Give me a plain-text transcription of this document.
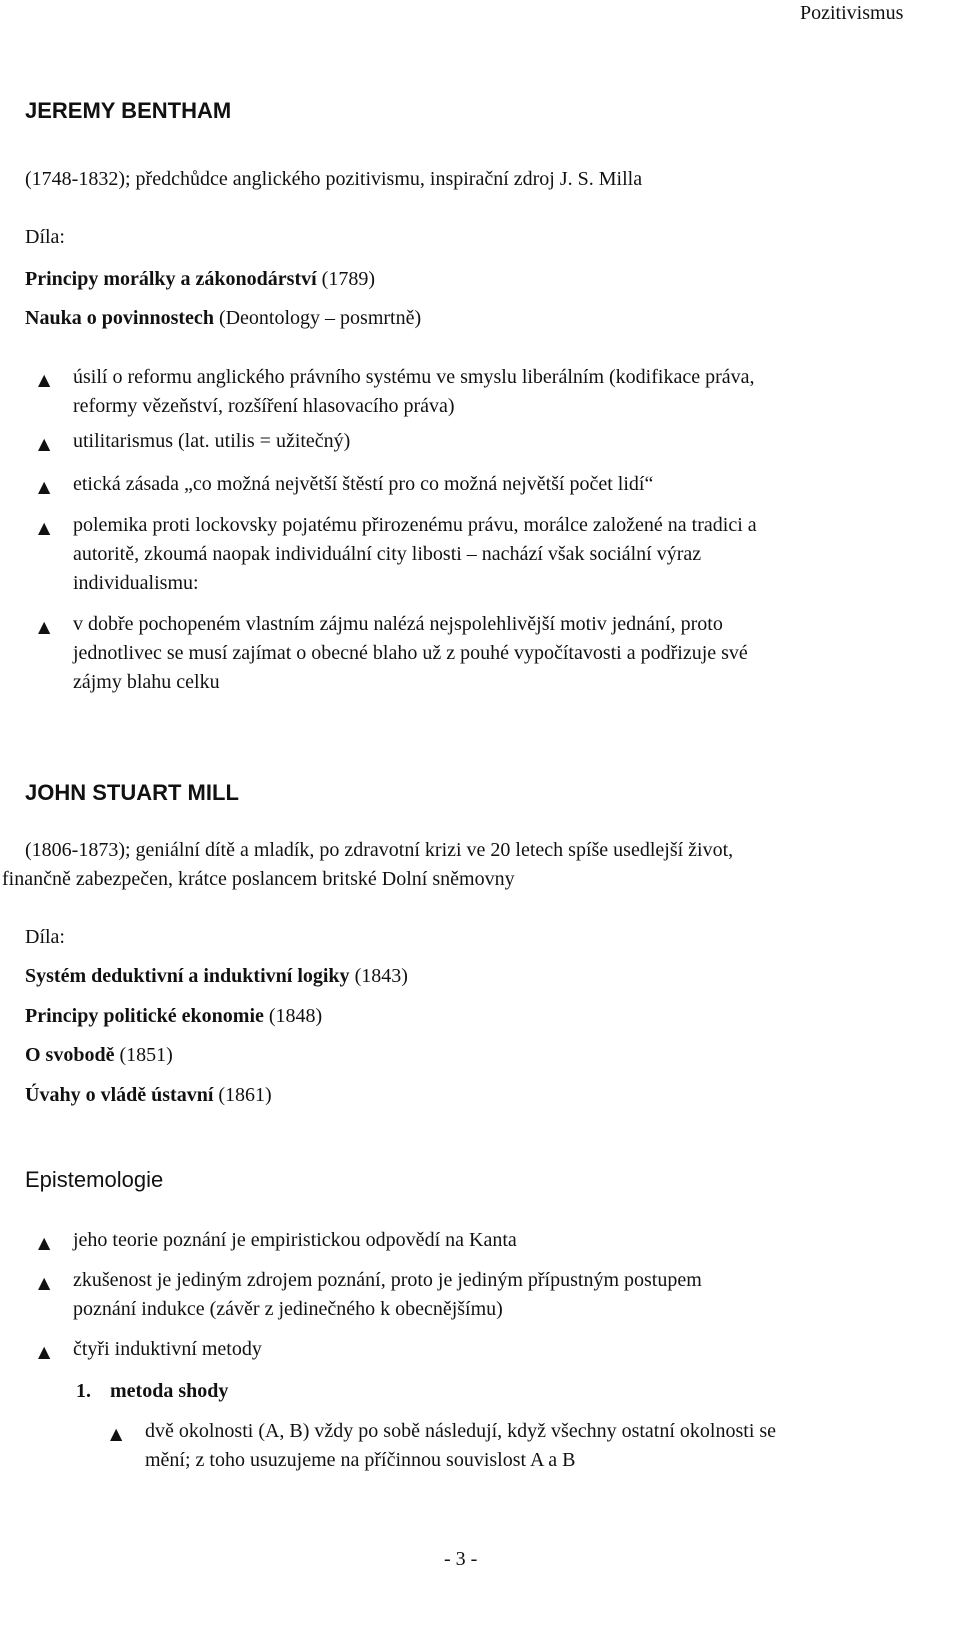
Pozitivismus
JEREMY BENTHAM
(1748-1832); předchůdce anglického pozitivismu, inspirační zdroj J. S. Milla
Díla:
Principy morálky a zákonodárství (1789)
Nauka o povinnostech (Deontology – posmrtně)
▲ úsilí o reformu anglického právního systému ve smyslu liberálním (kodifikace práva,
reformy vězeňství, rozšíření hlasovacího práva)
▲ utilitarismus (lat. utilis = užitečný)
▲ etická zásada „co možná největší štěstí pro co možná největší počet lidí“
▲ polemika proti lockovsky pojatému přirozenému právu, morálce založené na tradici a
autoritě, zkoumá naopak individuální city libosti – nachází však sociální výraz
individualismu:
▲ v dobře pochopeném vlastním zájmu nalézá nejspolehlivější motiv jednání, proto
jednotlivec se musí zajímat o obecné blaho už z pouhé vypočítavosti a podřizuje své
zájmy blahu celku
JOHN STUART MILL
(1806-1873); geniální dítě a mladík, po zdravotní krizi ve 20 letech spíše usedlejší život,
finančně zabezpečen, krátce poslancem britské Dolní sněmovny
Díla:
Systém deduktivní a induktivní logiky (1843)
Principy politické ekonomie (1848)
O svobodě (1851)
Úvahy o vládě ústavní (1861)
Epistemologie
▲ jeho teorie poznání je empiristickou odpovědí na Kanta
▲ zkušenost je jediným zdrojem poznání, proto je jediným přípustným postupem
poznání indukce (závěr z jedinečného k obecnějšímu)
▲ čtyři induktivní metody
1. metoda shody
▲ dvě okolnosti (A, B) vždy po sobě následují, když všechny ostatní okolnosti se
mění; z toho usuzujeme na příčinnou souvislost A a B
- 3 -
